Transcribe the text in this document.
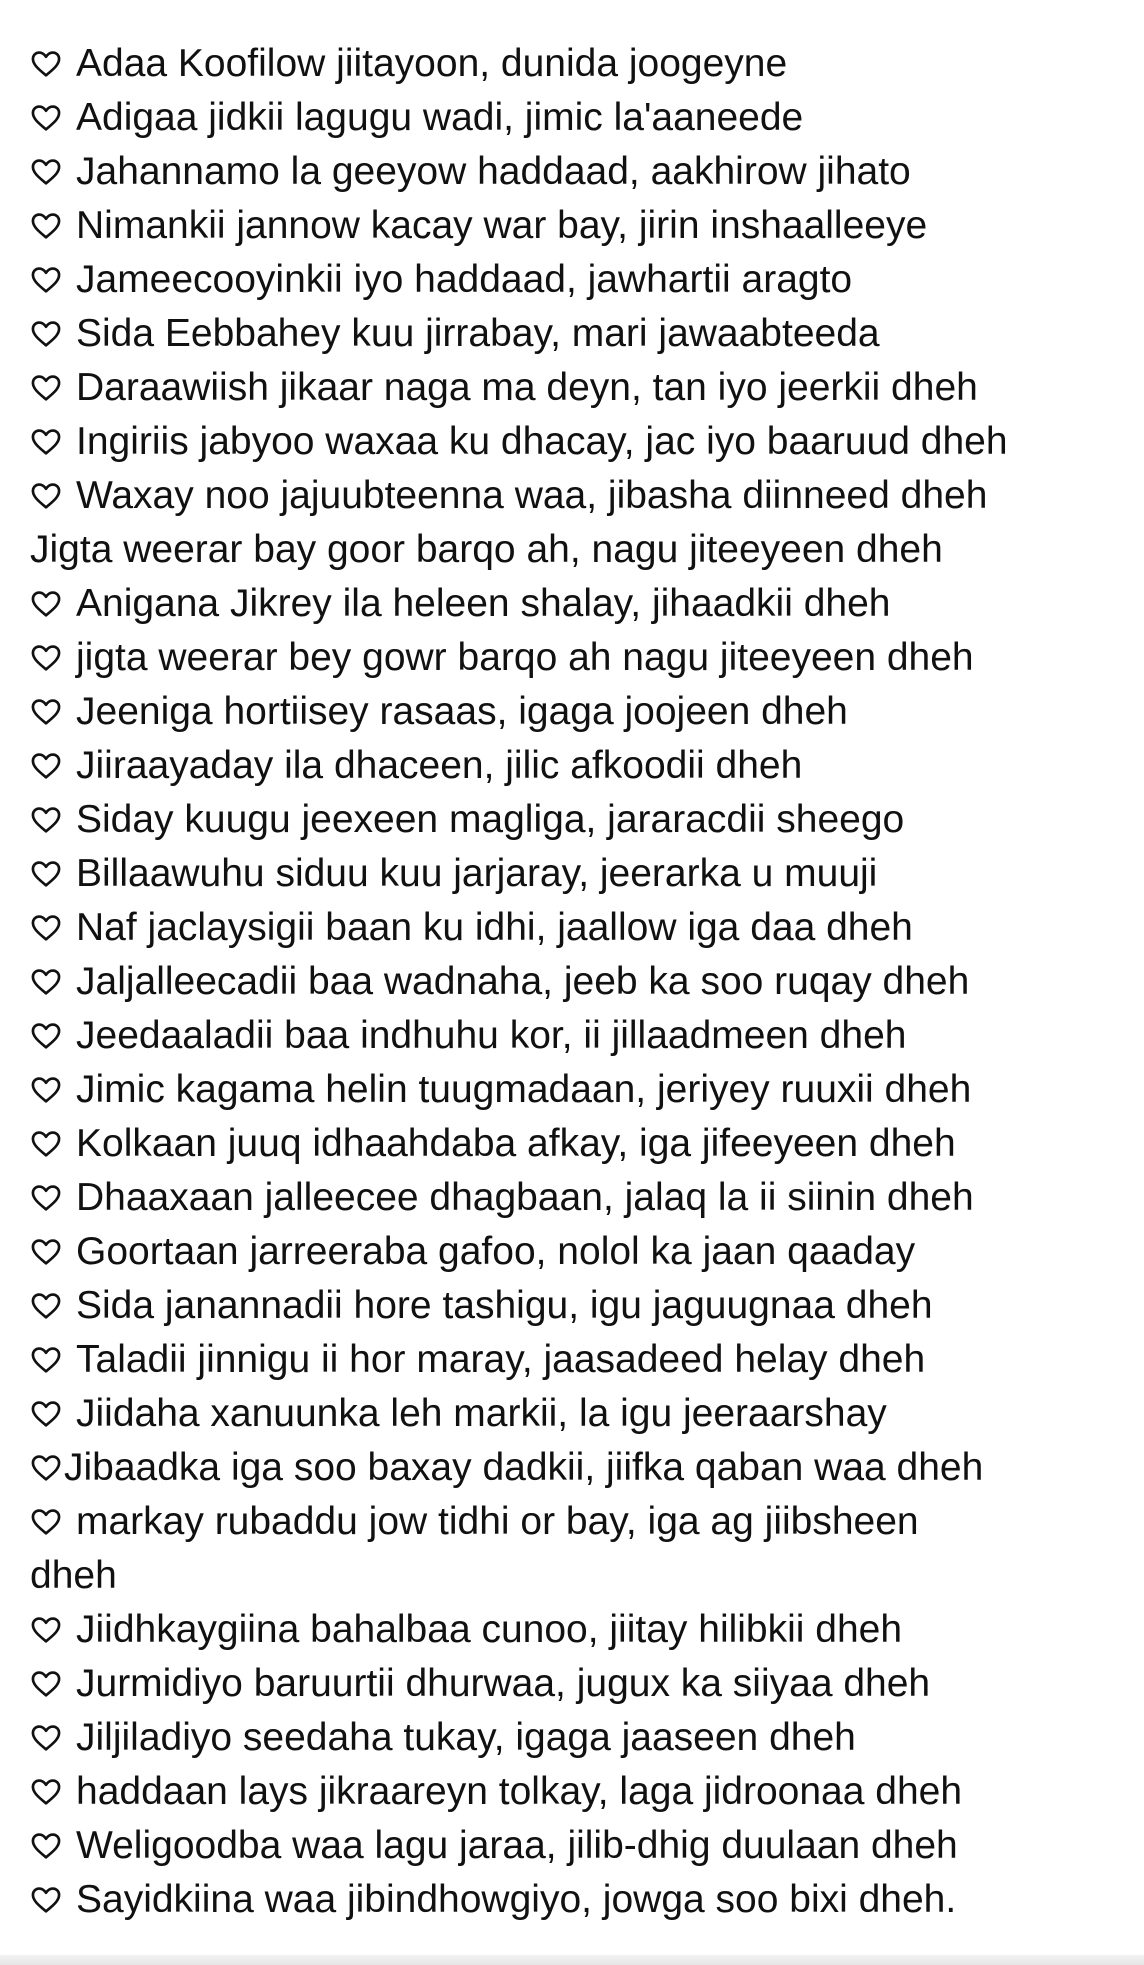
Adaa Koofilow jiitayoon, dunida joogeyne
Adigaa jidkii lagugu wadi, jimic la'aaneede
Jahannamo la geeyow haddaad, aakhirow jihato
Nimankii jannow kacay war bay, jirin inshaalleeye
Jameecooyinkii iyo haddaad, jawhartii aragto
Sida Eebbahey kuu jirrabay, mari jawaabteeda
Daraawiish jikaar naga ma deyn, tan iyo jeerkii dheh
Ingiriis jabyoo waxaa ku dhacay, jac iyo baaruud dheh
Waxay noo jajuubteenna waa, jibasha diinneed dheh
Jigta weerar bay goor barqo ah, nagu jiteeyeen dheh
Anigana Jikrey ila heleen shalay, jihaadkii dheh
jigta weerar bey gowr barqo ah nagu jiteeyeen dheh
Jeeniga hortiisey rasaas, igaga joojeen dheh
Jiiraayaday ila dhaceen, jilic afkoodii dheh
Siday kuugu jeexeen magliga, jararacdii sheego
Billaawuhu siduu kuu jarjaray, jeerarka u muuji
Naf jaclaysigii baan ku idhi, jaallow iga daa dheh
Jaljalleecadii baa wadnaha, jeeb ka soo ruqay dheh
Jeedaaladii baa indhuhu kor, ii jillaadmeen dheh
Jimic kagama helin tuugmadaan, jeriyey ruuxii dheh
Kolkaan juuq idhaahdaba afkay, iga jifeeyeen dheh
Dhaaxaan jalleecee dhagbaan, jalaq la ii siinin dheh
Goortaan jarreeraba gafoo, nolol ka jaan qaaday
Sida janannadii hore tashigu, igu jaguugnaa dheh
Taladii jinnigu ii hor maray, jaasadeed helay dheh
Jiidaha xanuunka leh markii, la igu jeeraarshay
Jibaadka iga soo baxay dadkii, jiifka qaban waa dheh
markay rubaddu jow tidhi or bay, iga ag jiibsheen
dheh
Jiidhkaygiina bahalbaa cunoo, jiitay hilibkii dheh
Jurmidiyo baruurtii dhurwaa, jugux ka siiyaa dheh
Jiljiladiyo seedaha tukay, igaga jaaseen dheh
haddaan lays jikraareyn tolkay, laga jidroonaa dheh
Weligoodba waa lagu jaraa, jilib-dhig duulaan dheh
Sayidkiina waa jibindhowgiyo, jowga soo bixi dheh.
